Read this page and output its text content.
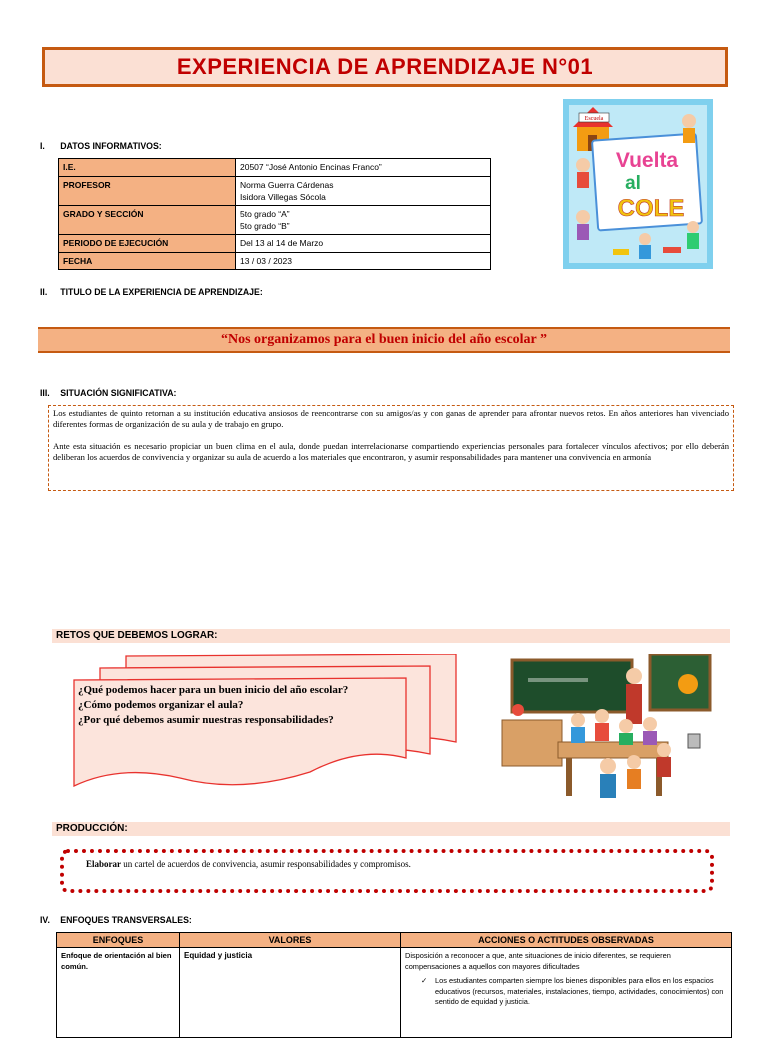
EXPERIENCIA DE APRENDIZAJE N°01
I. DATOS INFORMATIVOS:
I.E.	20507 “José Antonio Encinas Franco”
PROFESOR	Norma Guerra Cárdenas
Isidora Villegas Sócola

GRADO Y SECCIÓN	5to grado “A”
5to grado “B”

PERIODO DE EJECUCIÓN	Del 13 al 14 de Marzo
FECHA	13 / 03 / 2023
Escuela
Vuelta
al
COLE
II. TITULO DE LA EXPERIENCIA DE APRENDIZAJE:
“Nos organizamos para el buen inicio del año escolar ”
III. SITUACIÓN SIGNIFICATIVA:

Los estudiantes de quinto retornan a su institución educativa ansiosos de reencontrarse con su amigos/as y con ganas de aprender para afrontar nuevos retos. En años anteriores han vivenciado diferentes formas de organización de su aula y de trabajo en grupo.

Ante esta situación es necesario propiciar un buen clima en el aula, donde puedan interrelacionarse compartiendo experiencias personales para fortalecer vínculos afectivos; por ello deberán deliberan los acuerdos de convivencia y organizar su aula de acuerdo a los materiales que encontraron, y asumir responsabilidades para mantener una convivencia en armonía

RETOS QUE DEBEMOS LOGRAR:
¿Qué podemos hacer para un buen inicio del año escolar?
¿Cómo podemos organizar el aula?
¿Por qué debemos asumir nuestras responsabilidades?
PRODUCCIÓN:
Elaborar un cartel de acuerdos de convivencia, asumir responsabilidades y compromisos.
IV. ENFOQUES TRANSVERSALES:
ENFOQUES	VALORES	ACCIONES O ACTITUDES OBSERVADAS
Enfoque de orientación al bien común.	Equidad y justicia	Disposición a reconocer a que, ante situaciones de inicio diferentes, se requieren compensaciones a aquellos con mayores dificultades
✓ Los estudiantes comparten siempre los bienes disponibles para ellos en los espacios educativos (recursos, materiales, instalaciones, tiempo, actividades, conocimientos) con sentido de equidad y justicia.
